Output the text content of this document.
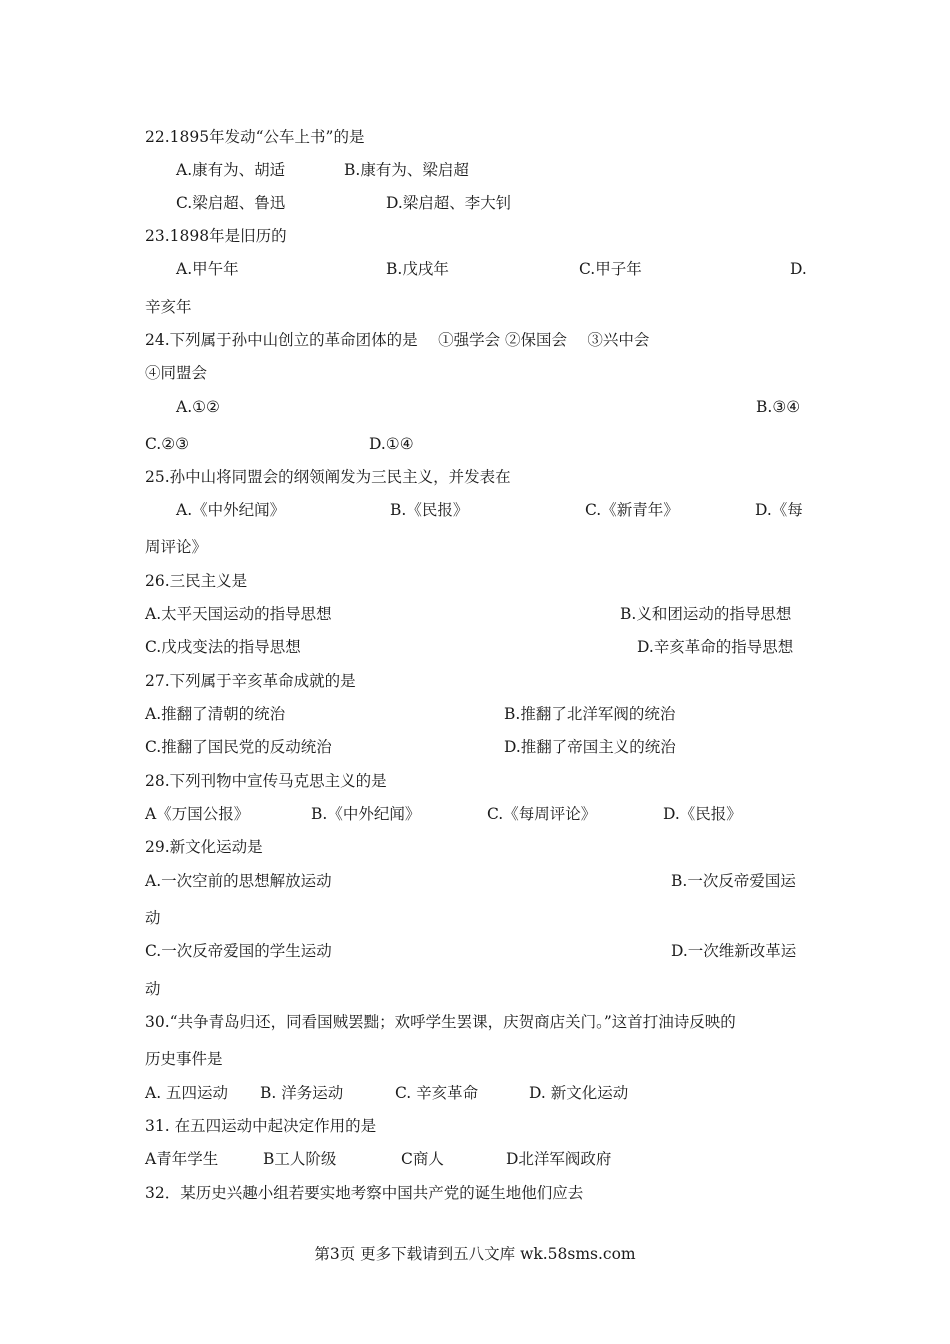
22.1895年发动“公车上书”的是
A.康有为、胡适	B.康有为、梁启超
C.梁启超、鲁迅	D.梁启超、李大钊
23.1898年是旧历的
A.甲午年	B.戊戌年	C.甲子年	D.
辛亥年
24.下列属于孙中山创立的革命团体的是　 ①强学会 ②保国会 　③兴中会
④同盟会
A.①②	B.③④
C.②③	D.①④
25.孙中山将同盟会的纲领阐发为三民主义，并发表在
A.《中外纪闻》	B.《民报》	C.《新青年》	D.《每
周评论》
26.三民主义是
A.太平天国运动的指导思想	B.义和团运动的指导思想
C.戊戌变法的指导思想	D.辛亥革命的指导思想
27.下列属于辛亥革命成就的是
A.推翻了清朝的统治	B.推翻了北洋军阀的统治
C.推翻了国民党的反动统治	D.推翻了帝国主义的统治
28.下列刊物中宣传马克思主义的是
A《万国公报》	B.《中外纪闻》	C.《每周评论》	D.《民报》
29.新文化运动是
A.一次空前的思想解放运动	B.一次反帝爱国运
动
C.一次反帝爱国的学生运动	D.一次维新改革运
动
30.“共争青岛归还，同看国贼罢黜；欢呼学生罢课，庆贺商店关门。”这首打油诗反映的
历史事件是
A. 五四运动 B. 洋务运动	C. 辛亥革命	D. 新文化运动
31. 在五四运动中起决定作用的是
A青年学生	B工人阶级	C商人	D北洋军阀政府
32．某历史兴趣小组若要实地考察中国共产党的诞生地他们应去
第3页 更多下载请到五八文库 wk.58sms.com
